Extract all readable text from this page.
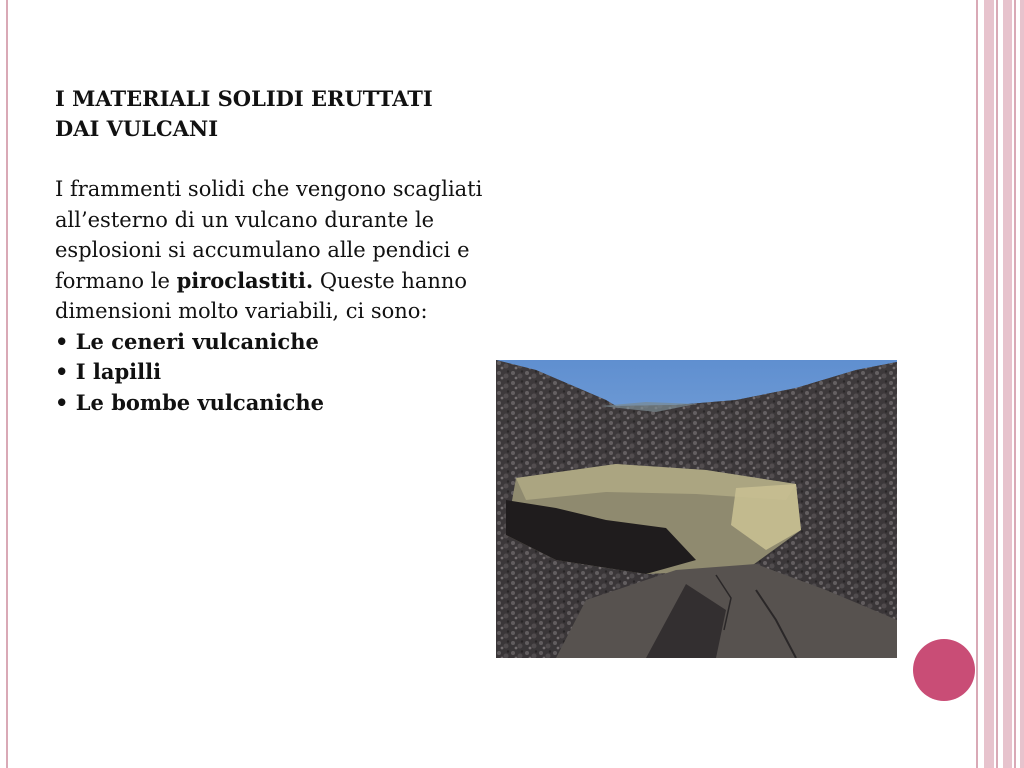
I MATERIALI SOLIDI ERUTTATI
DAI VULCANI

I frammenti solidi che vengono scagliati
all’esterno di un vulcano durante le
esplosioni si accumulano alle pendici e
formano le piroclastiti. Queste hanno
dimensioni molto variabili, ci sono:

• Le ceneri vulcaniche
• I lapilli
• Le bombe vulcaniche
